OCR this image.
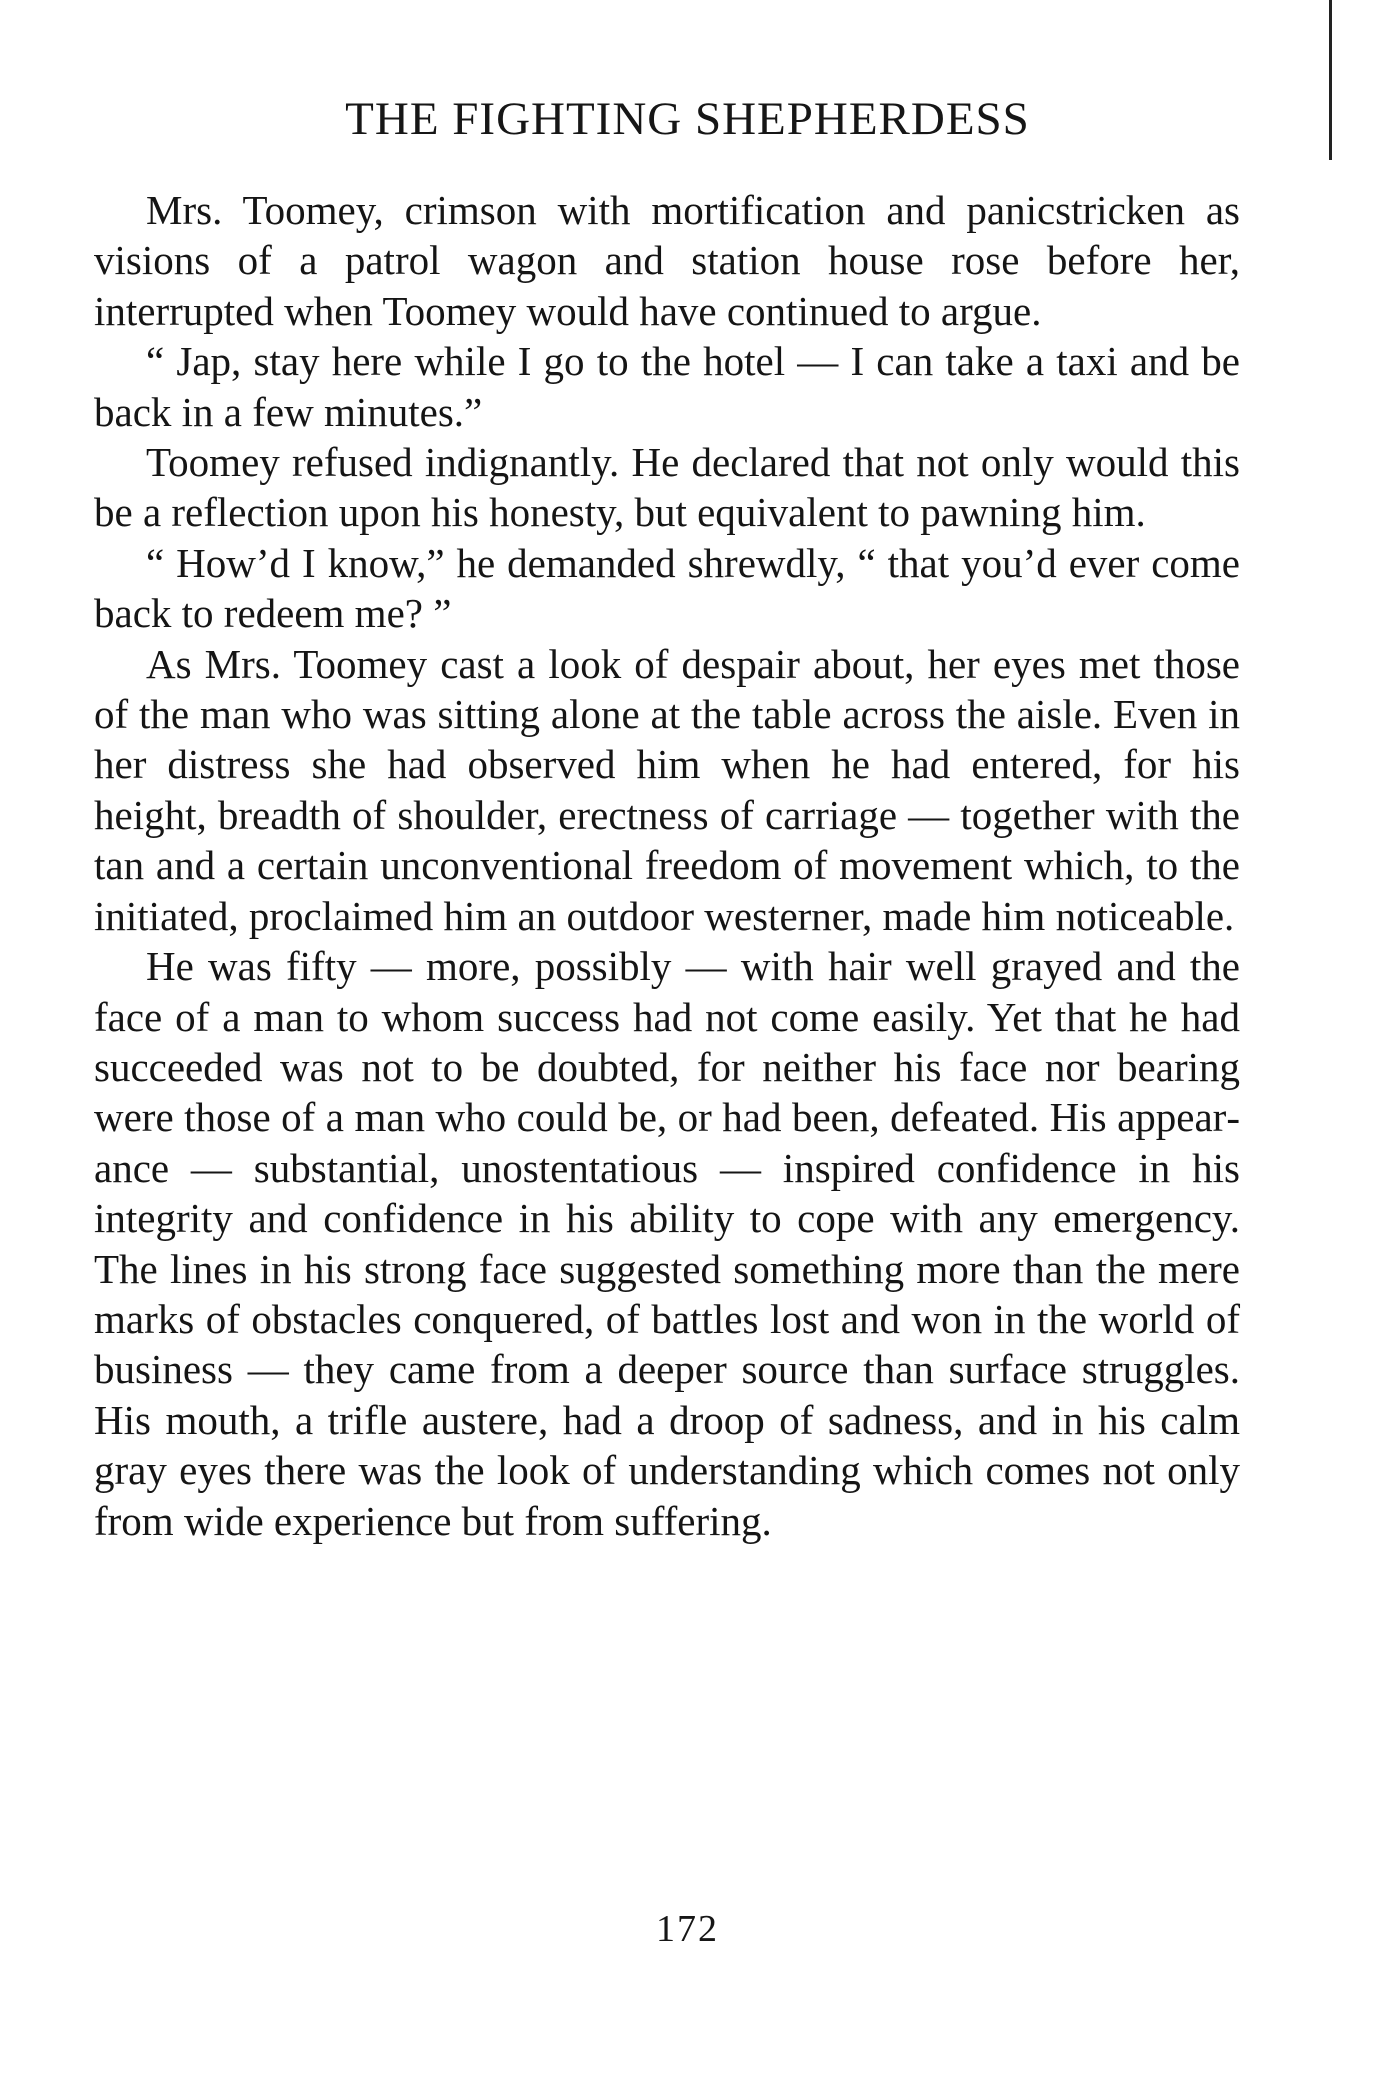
THE FIGHTING SHEPHERDESS

Mrs. Toomey, crimson with mortification and panicstricken as visions of a patrol wagon and station house rose before her, interrupted when Toomey would have continued to argue.

“ Jap, stay here while I go to the hotel — I can take a taxi and be back in a few minutes.”

Toomey refused indignantly. He declared that not only would this be a reflection upon his honesty, but equivalent to pawning him.

“ How’d I know,” he demanded shrewdly, “ that you’d ever come back to redeem me? ”

As Mrs. Toomey cast a look of despair about, her eyes met those of the man who was sitting alone at the table across the aisle. Even in her distress she had observed him when he had entered, for his height, breadth of shoulder, erectness of carriage — together with the tan and a certain unconventional freedom of movement which, to the initiated, proclaimed him an outdoor westerner, made him noticeable.

He was fifty — more, possibly — with hair well grayed and the face of a man to whom success had not come easily. Yet that he had succeeded was not to be doubted, for neither his face nor bearing were those of a man who could be, or had been, defeated. His appearance — substantial, unostentatious — inspired confidence in his integrity and confidence in his ability to cope with any emergency. The lines in his strong face suggested something more than the mere marks of obstacles conquered, of battles lost and won in the world of business — they came from a deeper source than surface struggles. His mouth, a trifle austere, had a droop of sadness, and in his calm gray eyes there was the look of understanding which comes not only from wide experience but from suffering.

172
